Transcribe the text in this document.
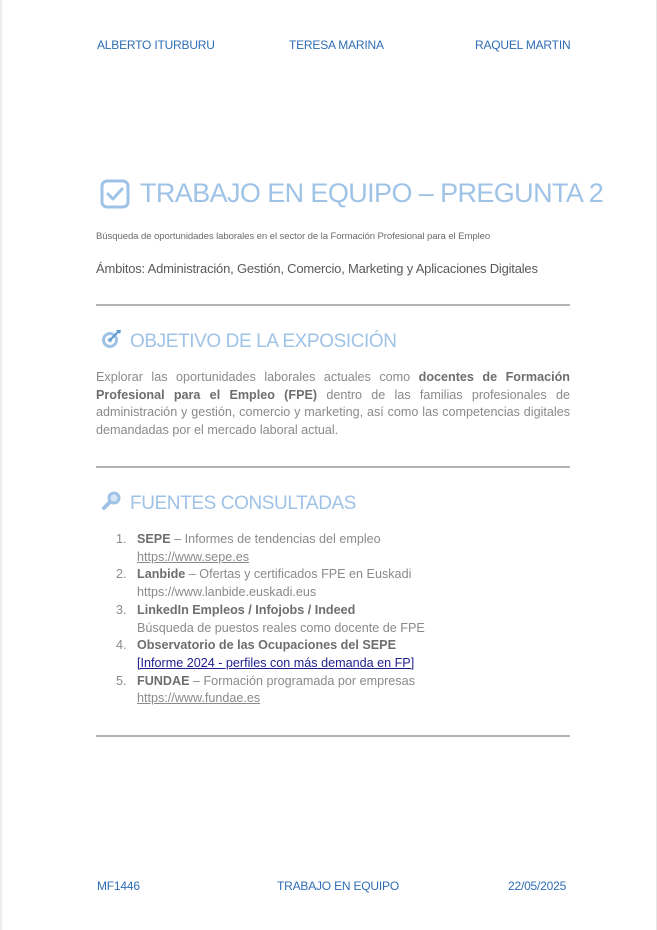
ALBERTO ITURBURU	TERESA MARINA	RAQUEL MARTIN
TRABAJO EN EQUIPO – PREGUNTA 2
Búsqueda de oportunidades laborales en el sector de la Formación Profesional para el Empleo
Ámbitos: Administración, Gestión, Comercio, Marketing y Aplicaciones Digitales
OBJETIVO DE LA EXPOSICIÓN
Explorar las oportunidades laborales actuales como docentes de Formación Profesional para el Empleo (FPE) dentro de las familias profesionales de administración y gestión, comercio y marketing, así como las competencias digitales demandadas por el mercado laboral actual.
FUENTES CONSULTADAS
1. SEPE – Informes de tendencias del empleo
https://www.sepe.es
2. Lanbide – Ofertas y certificados FPE en Euskadi
https://www.lanbide.euskadi.eus
3. LinkedIn Empleos / Infojobs / Indeed
Búsqueda de puestos reales como docente de FPE
4. Observatorio de las Ocupaciones del SEPE
[Informe 2024 - perfiles con más demanda en FP]
5. FUNDAE – Formación programada por empresas
https://www.fundae.es
MF1446	TRABAJO EN EQUIPO	22/05/2025
